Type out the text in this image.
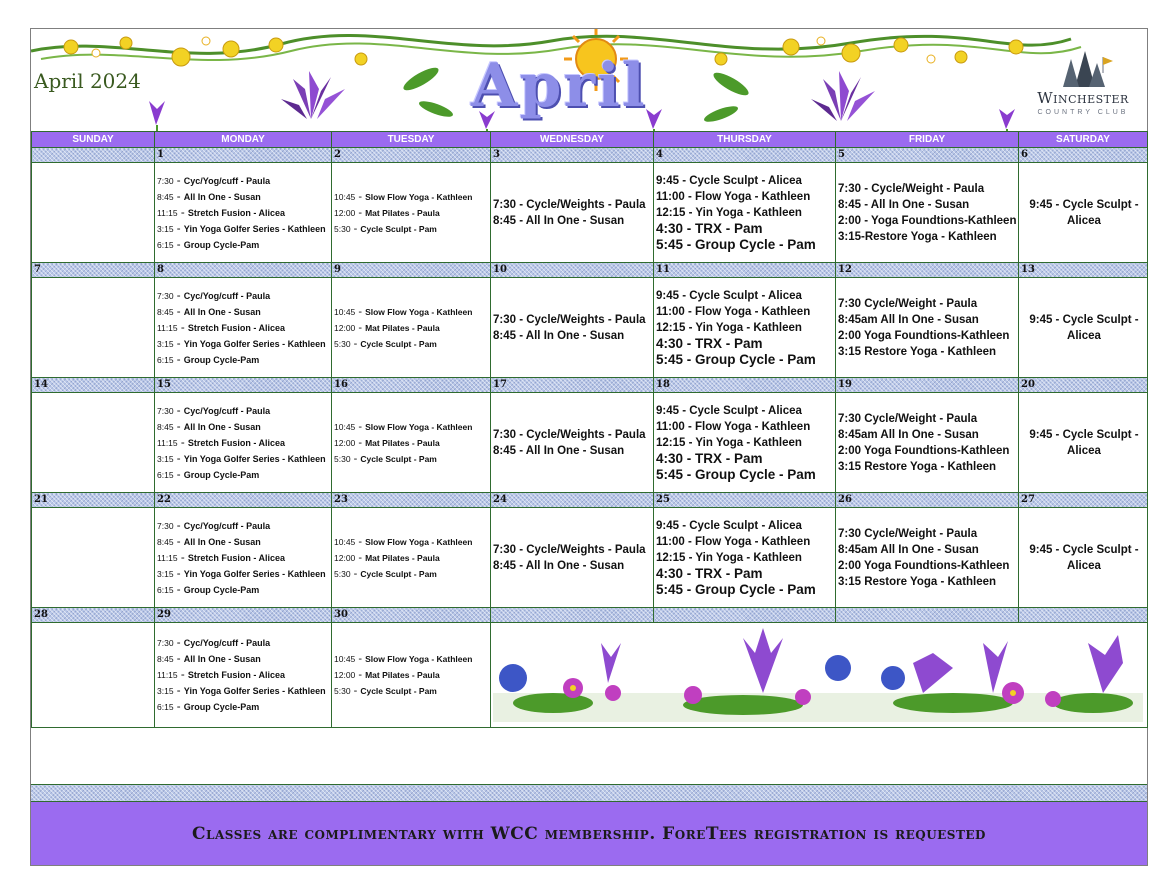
April 2024	April	Winchester
COUNTRY CLUB
SUNDAY	MONDAY	TUESDAY	WEDNESDAY	THURSDAY	FRIDAY	SATURDAY
	1	2	3	4	5	6

	7:30 - Cyc/Yog/cuff - Paula
8:45 - All In One - Susan
11:15 - Stretch Fusion - Alicea
3:15 - Yin Yoga Golfer Series - Kathleen
6:15 - Group Cycle-Pam	10:45 - Slow Flow Yoga - Kathleen
12:00 - Mat Pilates - Paula
5:30 - Cycle Sculpt - Pam	7:30 - Cycle/Weights - Paula
8:45 - All In One - Susan	9:45 - Cycle Sculpt - Alicea
11:00 - Flow Yoga - Kathleen
12:15 - Yin Yoga - Kathleen
4:30 - TRX - Pam
5:45 - Group Cycle - Pam	7:30 - Cycle/Weight - Paula
8:45 - All In One - Susan
2:00 - Yoga Foundtions-Kathleen
3:15-Restore Yoga - Kathleen	9:45 - Cycle Sculpt - Alicea
7	8	9	10	11	12	13

	7:30 - Cyc/Yog/cuff - Paula
8:45 - All In One - Susan
11:15 - Stretch Fusion - Alicea
3:15 - Yin Yoga Golfer Series - Kathleen
6:15 - Group Cycle-Pam	10:45 - Slow Flow Yoga - Kathleen
12:00 - Mat Pilates - Paula
5:30 - Cycle Sculpt - Pam	7:30 - Cycle/Weights - Paula
8:45 - All In One - Susan	9:45 - Cycle Sculpt - Alicea
11:00 - Flow Yoga - Kathleen
12:15 - Yin Yoga - Kathleen
4:30 - TRX - Pam
5:45 - Group Cycle - Pam	7:30 Cycle/Weight - Paula
8:45am All In One - Susan
2:00 Yoga Foundtions-Kathleen
3:15 Restore Yoga - Kathleen	9:45 - Cycle Sculpt - Alicea
14	15	16	17	18	19	20

	7:30 - Cyc/Yog/cuff - Paula
8:45 - All In One - Susan
11:15 - Stretch Fusion - Alicea
3:15 - Yin Yoga Golfer Series - Kathleen
6:15 - Group Cycle-Pam	10:45 - Slow Flow Yoga - Kathleen
12:00 - Mat Pilates - Paula
5:30 - Cycle Sculpt - Pam	7:30 - Cycle/Weights - Paula
8:45 - All In One - Susan	9:45 - Cycle Sculpt - Alicea
11:00 - Flow Yoga - Kathleen
12:15 - Yin Yoga - Kathleen
4:30 - TRX - Pam
5:45 - Group Cycle - Pam	7:30 Cycle/Weight - Paula
8:45am All In One - Susan
2:00 Yoga Foundtions-Kathleen
3:15 Restore Yoga - Kathleen	9:45 - Cycle Sculpt - Alicea
21	22	23	24	25	26	27

	7:30 - Cyc/Yog/cuff - Paula
8:45 - All In One - Susan
11:15 - Stretch Fusion - Alicea
3:15 - Yin Yoga Golfer Series - Kathleen
6:15 - Group Cycle-Pam	10:45 - Slow Flow Yoga - Kathleen
12:00 - Mat Pilates - Paula
5:30 - Cycle Sculpt - Pam	7:30 - Cycle/Weights - Paula
8:45 - All In One - Susan	9:45 - Cycle Sculpt - Alicea
11:00 - Flow Yoga - Kathleen
12:15 - Yin Yoga - Kathleen
4:30 - TRX - Pam
5:45 - Group Cycle - Pam	7:30 Cycle/Weight - Paula
8:45am All In One - Susan
2:00 Yoga Foundtions-Kathleen
3:15 Restore Yoga - Kathleen	9:45 - Cycle Sculpt - Alicea
28	29	30				

	7:30 - Cyc/Yog/cuff - Paula
8:45 - All In One - Susan
11:15 - Stretch Fusion - Alicea
3:15 - Yin Yoga Golfer Series - Kathleen
6:15 - Group Cycle-Pam	10:45 - Slow Flow Yoga - Kathleen
12:00 - Mat Pilates - Paula
5:30 - Cycle Sculpt - Pam

Classes are complimentary with WCC membership. ForeTees registration is requested
